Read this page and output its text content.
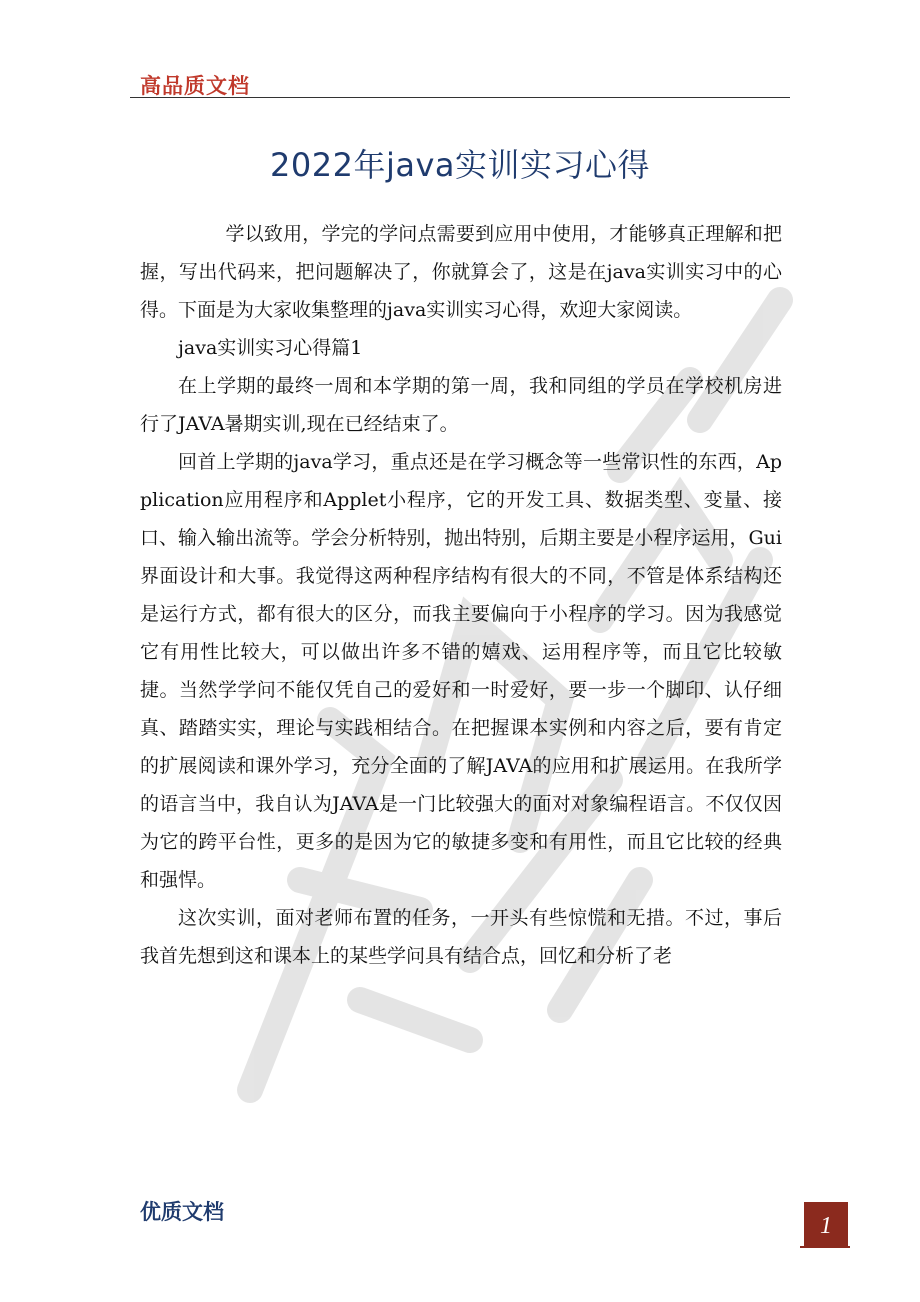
高品质文档
2022年java实训实习心得

学以致用，学完的学问点需要到应用中使用，才能够真正理解和把握，写出代码来，把问题解决了，你就算会了，这是在java实训实习中的心得。下面是为大家收集整理的java实训实习心得，欢迎大家阅读。

java实训实习心得篇1

在上学期的最终一周和本学期的第一周，我和同组的学员在学校机房进行了JAVA暑期实训,现在已经结束了。

回首上学期的java学习，重点还是在学习概念等一些常识性的东西，Application应用程序和Applet小程序，它的开发工具、数据类型、变量、接口、输入输出流等。学会分析特别，抛出特别，后期主要是小程序运用，Gui界面设计和大事。我觉得这两种程序结构有很大的不同，不管是体系结构还是运行方式，都有很大的区分，而我主要偏向于小程序的学习。因为我感觉它有用性比较大，可以做出许多不错的嬉戏、运用程序等，而且它比较敏捷。当然学学问不能仅凭自己的爱好和一时爱好，要一步一个脚印、认仔细真、踏踏实实，理论与实践相结合。在把握课本实例和内容之后，要有肯定的扩展阅读和课外学习，充分全面的了解JAVA的应用和扩展运用。在我所学的语言当中，我自认为JAVA是一门比较强大的面对对象编程语言。不仅仅因为它的跨平台性，更多的是因为它的敏捷多变和有用性，而且它比较的经典和强悍。

这次实训，面对老师布置的任务，一开头有些惊慌和无措。不过，事后我首先想到这和课本上的某些学问具有结合点，回忆和分析了老

优质文档
1
